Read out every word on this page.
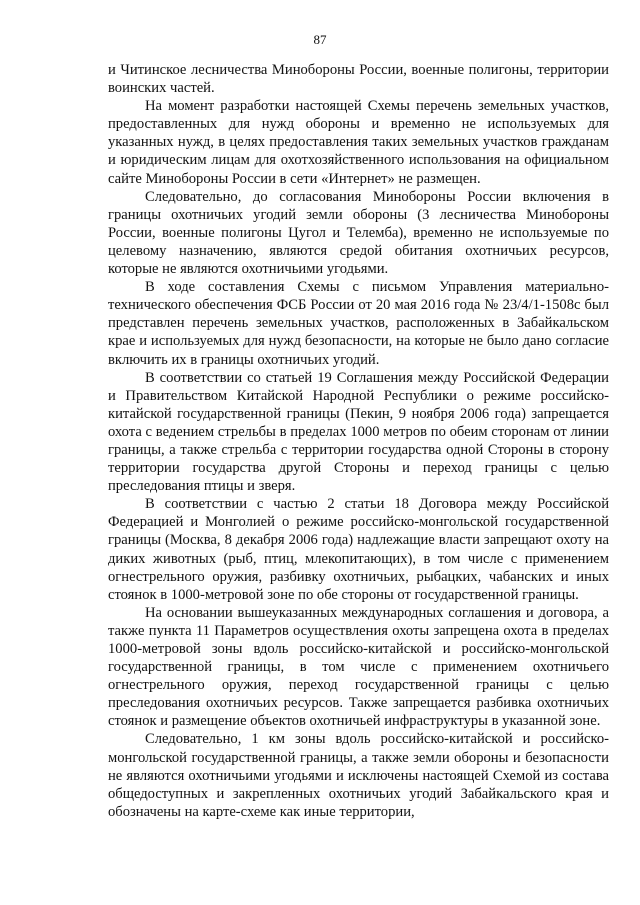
87

и Читинское лесничества Минобороны России, военные полигоны, территории воинских частей.

На момент разработки настоящей Схемы перечень земельных участков, предоставленных для нужд обороны и временно не используемых для указанных нужд, в целях предоставления таких земельных участков гражданам и юридическим лицам для охотхозяйственного использования на официальном сайте Минобороны России в сети «Интернет» не размещен.

Следовательно, до согласования Минобороны России включения в границы охотничьих угодий земли обороны (3 лесничества Минобороны России, военные полигоны Цугол и Телемба), временно не используемые по целевому назначению, являются средой обитания охотничьих ресурсов, которые не являются охотничьими угодьями.

В ходе составления Схемы с письмом Управления материально-технического обеспечения ФСБ России от 20 мая 2016 года № 23/4/1-1508с был представлен перечень земельных участков, расположенных в Забайкальском крае и используемых для нужд безопасности, на которые не было дано согласие включить их в границы охотничьих угодий.

В соответствии со статьей 19 Соглашения между Российской Федерации и Правительством Китайской Народной Республики о режиме российско-китайской государственной границы (Пекин, 9 ноября 2006 года) запрещается охота с ведением стрельбы в пределах 1000 метров по обеим сторонам от линии границы, а также стрельба с территории государства одной Стороны в сторону территории государства другой Стороны и переход границы с целью преследования птицы и зверя.

В соответствии с частью 2 статьи 18 Договора между Российской Федерацией и Монголией о режиме российско-монгольской государственной границы (Москва, 8 декабря 2006 года) надлежащие власти запрещают охоту на диких животных (рыб, птиц, млекопитающих), в том числе с применением огнестрельного оружия, разбивку охотничьих, рыбацких, чабанских и иных стоянок в 1000-метровой зоне по обе стороны от государственной границы.

На основании вышеуказанных международных соглашения и договора, а также пункта 11 Параметров осуществления охоты запрещена охота в пределах 1000-метровой зоны вдоль российско-китайской и российско-монгольской государственной границы, в том числе с применением охотничьего огнестрельного оружия, переход государственной границы с целью преследования охотничьих ресурсов. Также запрещается разбивка охотничьих стоянок и размещение объектов охотничьей инфраструктуры в указанной зоне.

Следовательно, 1 км зоны вдоль российско-китайской и российско-монгольской государственной границы, а также земли обороны и безопасности не являются охотничьими угодьями и исключены настоящей Схемой из состава общедоступных и закрепленных охотничьих угодий Забайкальского края и обозначены на карте-схеме как иные территории,
